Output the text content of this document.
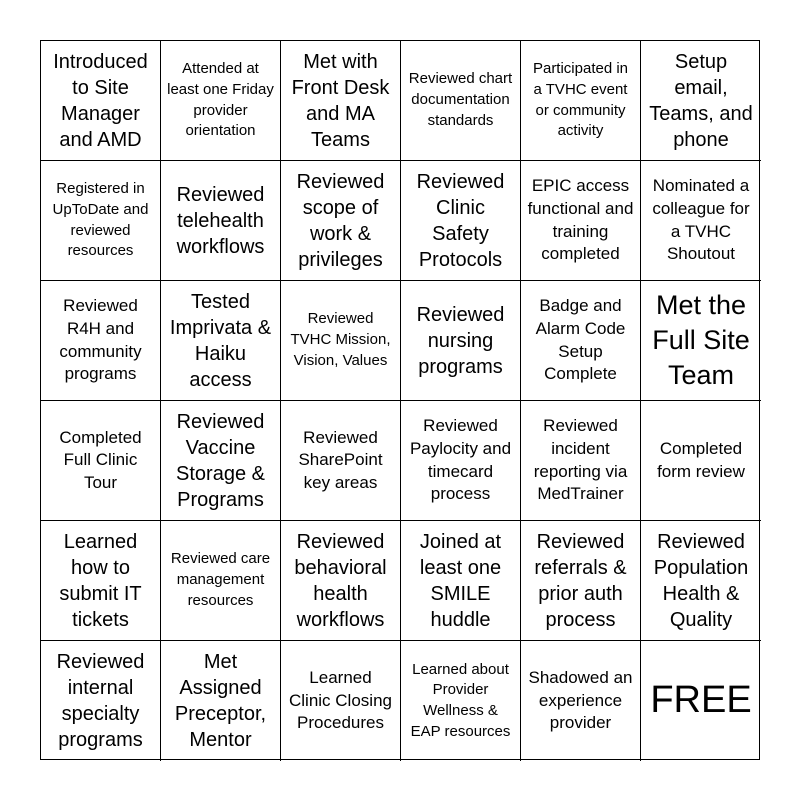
Introduced to Site Manager and AMD
Attended at least one Friday provider orientation
Met with Front Desk and MA Teams
Reviewed chart documentation standards
Participated in a TVHC event or community activity
Setup email, Teams, and phone
Registered in UpToDate and reviewed resources
Reviewed telehealth workflows
Reviewed scope of work & privileges
Reviewed Clinic Safety Protocols
EPIC access functional and training completed
Nominated a colleague for a TVHC Shoutout
Reviewed R4H and community programs
Tested Imprivata & Haiku access
Reviewed TVHC Mission, Vision, Values
Reviewed nursing programs
Badge and Alarm Code Setup Complete
Met the Full Site Team
Completed Full Clinic Tour
Reviewed Vaccine Storage & Programs
Reviewed SharePoint key areas
Reviewed Paylocity and timecard process
Reviewed incident reporting via MedTrainer
Completed form review
Learned how to submit IT tickets
Reviewed care management resources
Reviewed behavioral health workflows
Joined at least one SMILE huddle
Reviewed referrals & prior auth process
Reviewed Population Health & Quality
Reviewed internal specialty programs
Met Assigned Preceptor, Mentor
Learned Clinic Closing Procedures
Learned about Provider Wellness & EAP resources
Shadowed an experience provider
FREE
